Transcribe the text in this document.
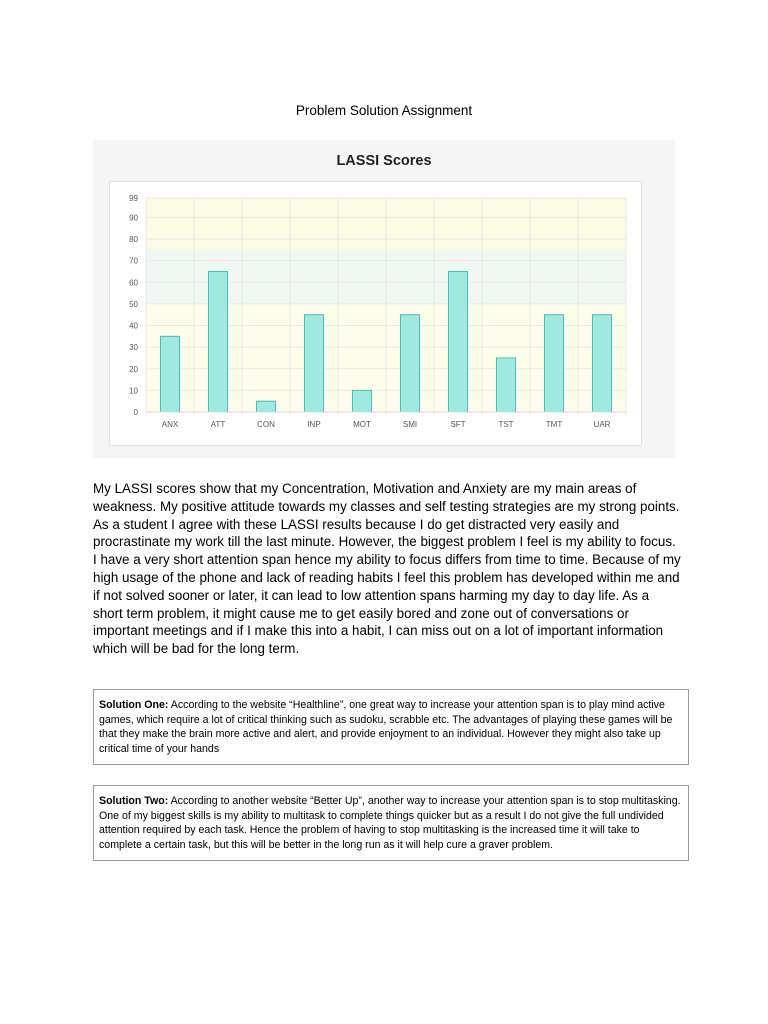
Problem Solution Assignment
LASSI Scores
0
10
20
30
40
50
60
70
80
90
99
ANX	ATT	CON	INP	MOT	SMI	SFT	TST	TMT	UAR
My LASSI scores show that my Concentration, Motivation and Anxiety are my main areas of weakness. My positive attitude towards my classes and self testing strategies are my strong points. As a student I agree with these LASSI results because I do get distracted very easily and procrastinate my work till the last minute. However, the biggest problem I feel is my ability to focus. I have a very short attention span hence my ability to focus differs from time to time. Because of my high usage of the phone and lack of reading habits I feel this problem has developed within me and if not solved sooner or later, it can lead to low attention spans harming my day to day life. As a short term problem, it might cause me to get easily bored and zone out of conversations or important meetings and if I make this into a habit, I can miss out on a lot of important information which will be bad for the long term.
Solution One: According to the website “Healthline”, one great way to increase your attention span is to play mind active games, which require a lot of critical thinking such as sudoku, scrabble etc. The advantages of playing these games will be that they make the brain more active and alert, and provide enjoyment to an individual. However they might also take up critical time of your hands
Solution Two: According to another website “Better Up”, another way to increase your attention span is to stop multitasking. One of my biggest skills is my ability to multitask to complete things quicker but as a result I do not give the full undivided attention required by each task. Hence the problem of having to stop multitasking is the increased time it will take to complete a certain task, but this will be better in the long run as it will help cure a graver problem.
